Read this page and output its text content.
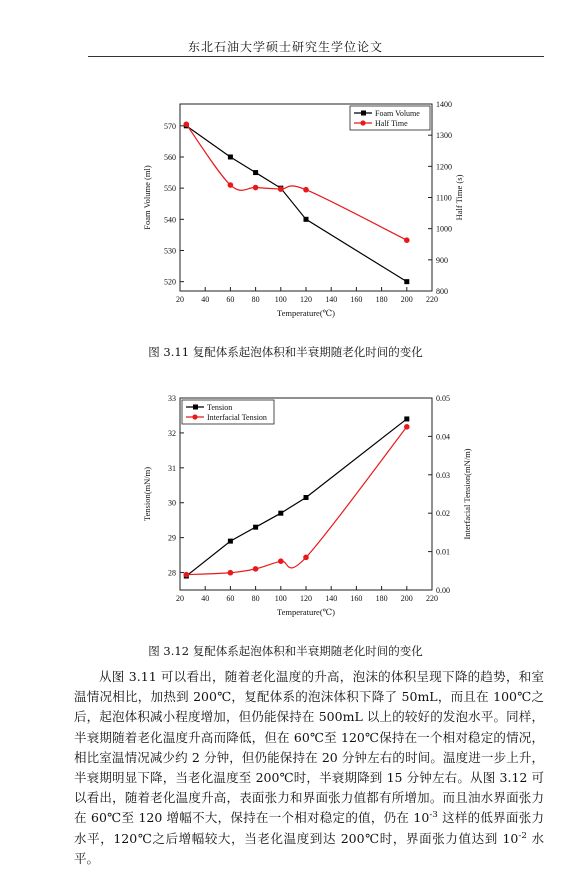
东北石油大学硕士研究生学位论文
20 40 60 80 100 120 140 160 180 200 220
520
530
540
550
560
570
800
900
1000
1100
1200
1300
1400
Temperature(℃)
Foam Volume (ml)	Half Time (s)
Foam Volume
Half Time
图 3.11 复配体系起泡体积和半衰期随老化时间的变化
20 40 60 80 100 120 140 160 180 200 220
28
29
30
31
32
33
0.00
0.01
0.02
0.03
0.04
0.05
Temperature(℃)
Tension(mN/m)	Interfacial Tension(mN/m)
Tension
Interfacial Tension
图 3.12 复配体系起泡体积和半衰期随老化时间的变化
从图 3.11 可以看出，随着老化温度的升高，泡沫的体积呈现下降的趋势，和室温情况相比，加热到 200℃，复配体系的泡沫体积下降了 50mL，而且在 100℃之后，起泡体积减小程度增加，但仍能保持在 500mL 以上的较好的发泡水平。同样，半衰期随着老化温度升高而降低，但在 60℃至 120℃保持在一个相对稳定的情况，相比室温情况减少约 2 分钟，但仍能保持在 20 分钟左右的时间。温度进一步上升，半衰期明显下降，当老化温度至 200℃时，半衰期降到 15 分钟左右。从图 3.12 可以看出，随着老化温度升高，表面张力和界面张力值都有所增加。而且油水界面张力在 60℃至 120 增幅不大，保持在一个相对稳定的值，仍在 $10^{-3}$ 这样的低界面张力水平，120℃之后增幅较大，当老化温度到达 200℃时，界面张力值达到 $10^{-2}$ 水平。
